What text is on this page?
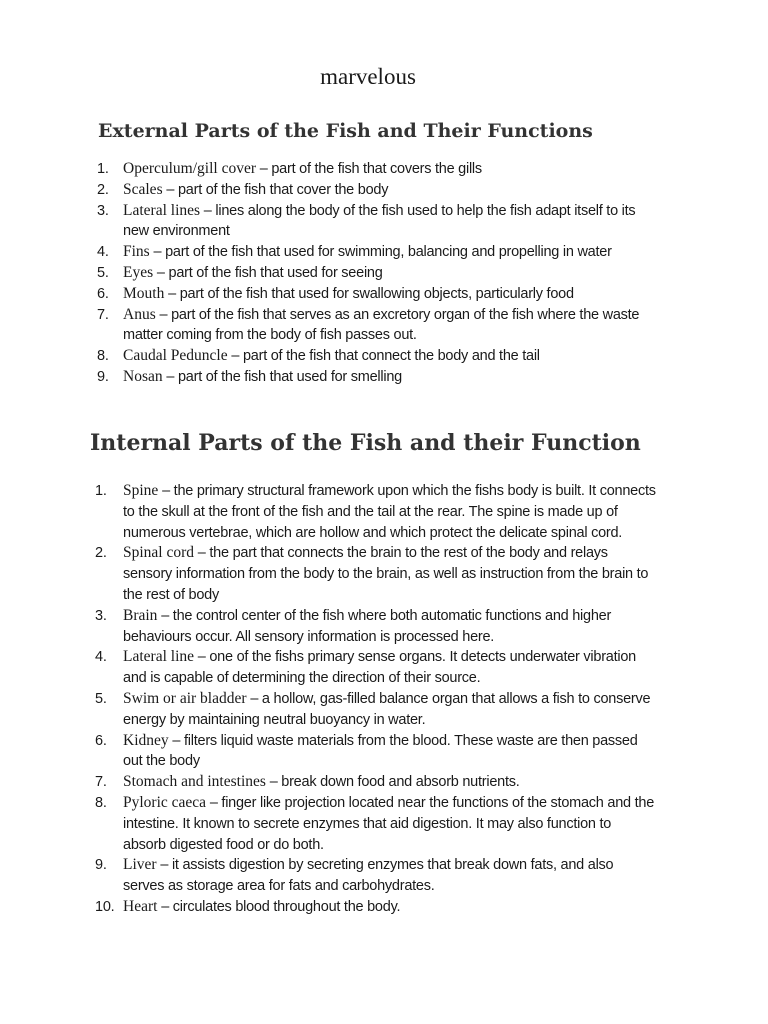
marvelous
External Parts of the Fish and Their Functions
1. Operculum/gill cover – part of the fish that covers the gills
2. Scales – part of the fish that cover the body
3. Lateral lines – lines along the body of the fish used to help the fish adapt itself to its new environment
4. Fins – part of the fish that used for swimming, balancing and propelling in water
5. Eyes – part of the fish that used for seeing
6. Mouth – part of the fish that used for swallowing objects, particularly food
7. Anus – part of the fish that serves as an excretory organ of the fish where the waste matter coming from the body of fish passes out.
8. Caudal Peduncle – part of the fish that connect the body and the tail
9. Nosan – part of the fish that used for smelling
Internal Parts of the Fish and their Function
1. Spine – the primary structural framework upon which the fishs body is built. It connects to the skull at the front of the fish and the tail at the rear. The spine is made up of numerous vertebrae, which are hollow and which protect the delicate spinal cord.
2. Spinal cord – the part that connects the brain to the rest of the body and relays sensory information from the body to the brain, as well as instruction from the brain to the rest of body
3. Brain – the control center of the fish where both automatic functions and higher behaviours occur. All sensory information is processed here.
4. Lateral line – one of the fishs primary sense organs. It detects underwater vibration and is capable of determining the direction of their source.
5. Swim or air bladder – a hollow, gas-filled balance organ that allows a fish to conserve energy by maintaining neutral buoyancy in water.
6. Kidney – filters liquid waste materials from the blood. These waste are then passed out the body
7. Stomach and intestines – break down food and absorb nutrients.
8. Pyloric caeca – finger like projection located near the functions of the stomach and the intestine. It known to secrete enzymes that aid digestion. It may also function to absorb digested food or do both.
9. Liver – it assists digestion by secreting enzymes that break down fats, and also serves as storage area for fats and carbohydrates.
10. Heart – circulates blood throughout the body.
